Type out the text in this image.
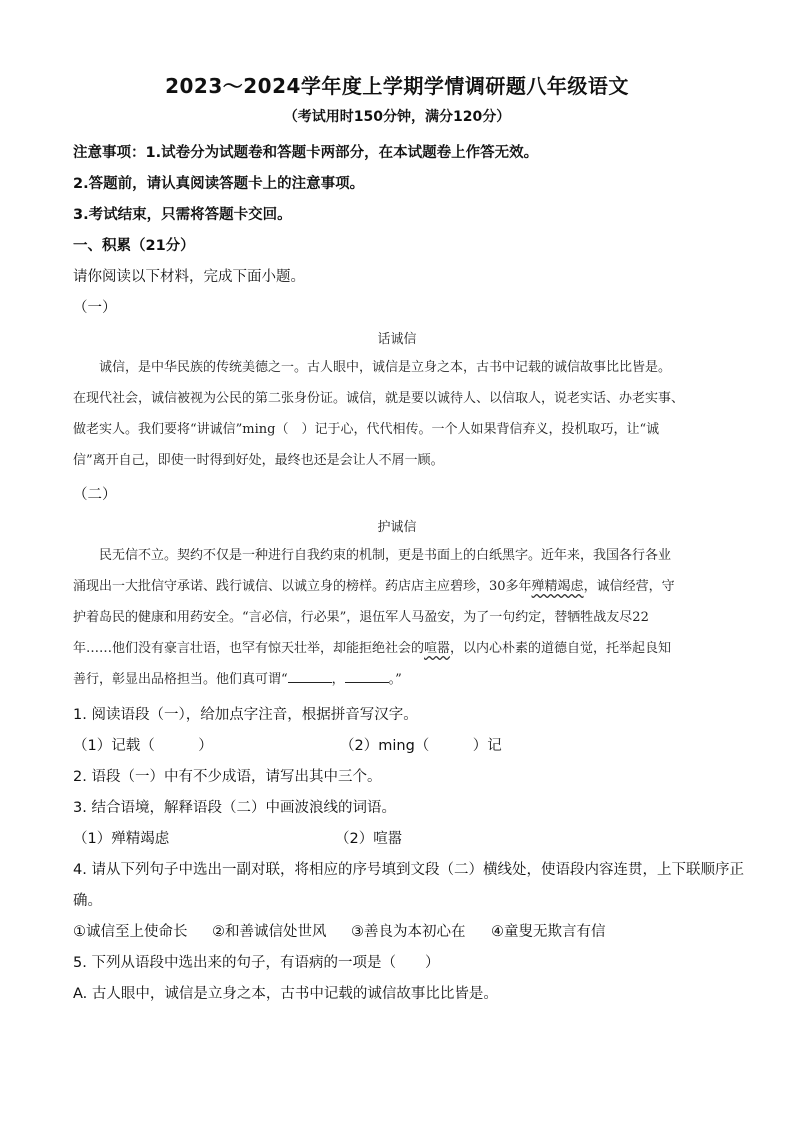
2023～2024学年度上学期学情调研题八年级语文
（考试用时150分钟，满分120分）
注意事项：1.试卷分为试题卷和答题卡两部分，在本试题卷上作答无效。
2.答题前，请认真阅读答题卡上的注意事项。
3.考试结束，只需将答题卡交回。
一、积累（21分）
请你阅读以下材料，完成下面小题。
（一）
话诚信

诚信，是中华民族的传统美德之一。古人眼中，诚信是立身之本，古书中记载的诚信故事比比皆是。

在现代社会，诚信被视为公民的第二张身份证。诚信，就是要以诚待人、以信取人，说老实话、办老实事、

做老实人。我们要将“讲诚信”ming（　）记于心，代代相传。一个人如果背信弃义，投机取巧，让“诚

信”离开自己，即使一时得到好处，最终也还是会让人不屑一顾。

（二）
护诚信

民无信不立。契约不仅是一种进行自我约束的机制，更是书面上的白纸黑字。近年来，我国各行各业

涌现出一大批信守承诺、践行诚信、以诚立身的榜样。药店店主应碧珍，30多年殚精竭虑，诚信经营，守

护着岛民的健康和用药安全。“言必信，行必果”，退伍军人马盈安，为了一句约定，替牺牲战友尽22

年……他们没有豪言壮语，也罕有惊天壮举，却能拒绝社会的喧嚣，以内心朴素的道德自觉，托举起良知

善行，彰显出品格担当。他们真可谓“	，	。”

1. 阅读语段（一），给加点字注音，根据拼音写汉字。
（1）记载（　　　）	（2）ming（　　　）记
2. 语段（一）中有不少成语，请写出其中三个。
3. 结合语境，解释语段（二）中画波浪线的词语。
（1）殚精竭虑	（2）喧嚣
4. 请从下列句子中选出一副对联，将相应的序号填到文段（二）横线处，使语段内容连贯，上下联顺序正
确。
①诚信至上使命长	②和善诚信处世风	③善良为本初心在	④童叟无欺言有信
5. 下列从语段中选出来的句子，有语病的一项是（　　）
A. 古人眼中，诚信是立身之本，古书中记载的诚信故事比比皆是。
